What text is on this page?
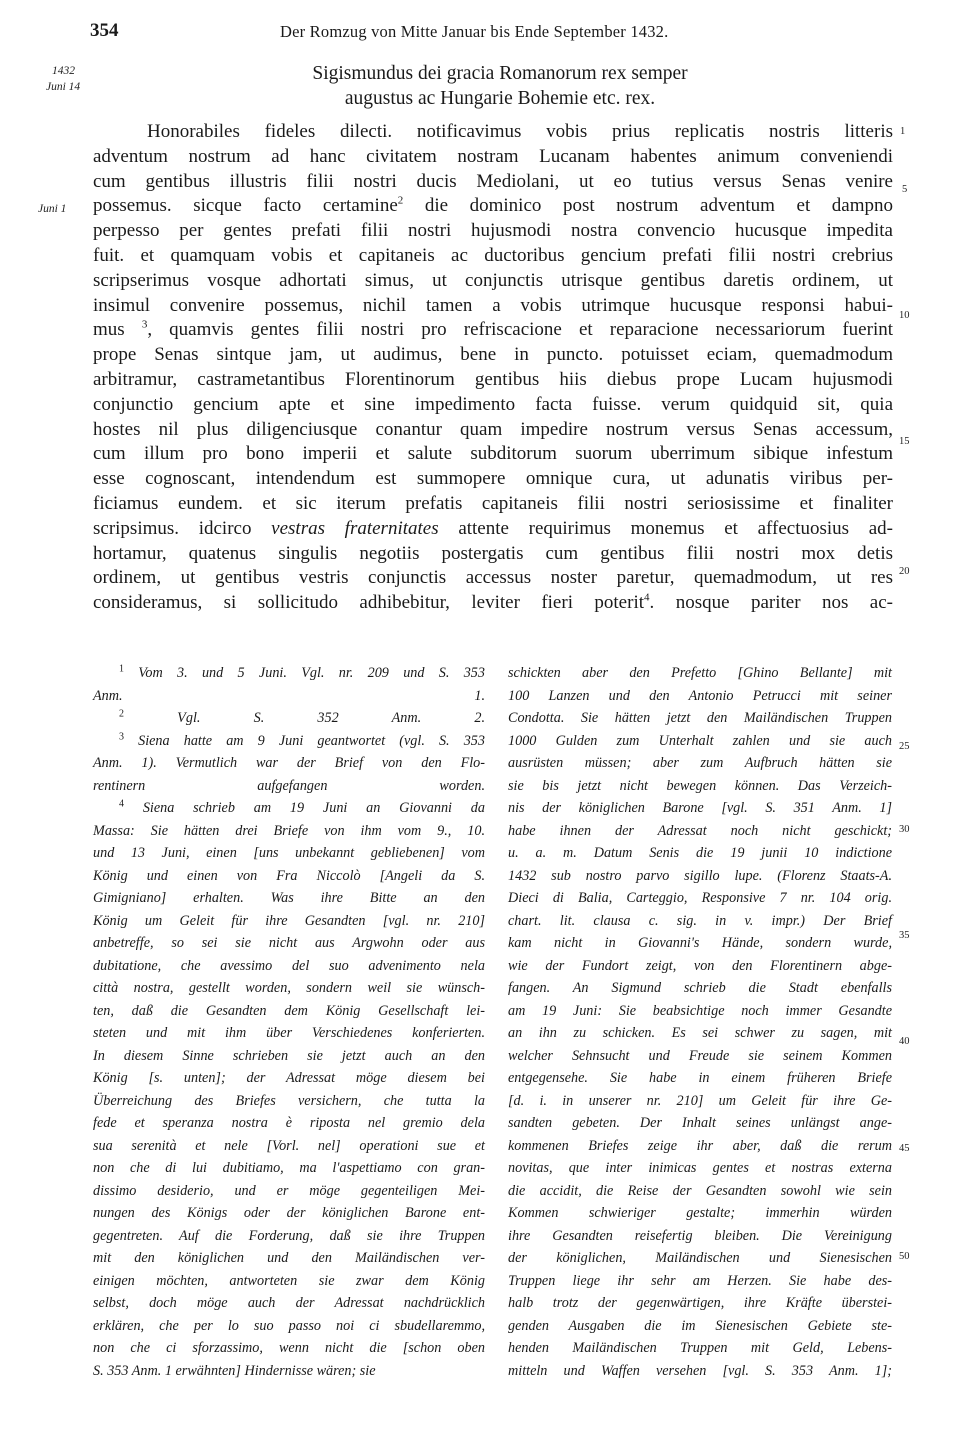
354	Der Romzug von Mitte Januar bis Ende September 1432.
1432
Juni 14
Juni 1
1
5
10
15
20
25
30
35
40
45
50
Sigismundus dei gracia Romanorum rex semper
augustus ac Hungarie Bohemie etc. rex.
Honorabiles fideles dilecti. notificavimus vobis prius replicatis nostris litteris
adventum nostrum ad hanc civitatem nostram Lucanam habentes animum conveniendi
cum gentibus illustris filii nostri ducis Mediolani, ut eo tutius versus Senas venire
possemus. sicque facto certamine$^2$ die dominico post nostrum adventum et dampno
perpesso per gentes prefati filii nostri hujusmodi nostra convencio hucusque impedita
fuit. et quamquam vobis et capitaneis ac ductoribus gencium prefati filii nostri crebrius
scripserimus vosque adhortati simus, ut conjunctis utrisque gentibus daretis ordinem, ut
insimul convenire possemus, nichil tamen a vobis utrimque hucusque responsi habui-
mus $^3$, quamvis gentes filii nostri pro refriscacione et reparacione necessariorum fuerint
prope Senas sintque jam, ut audimus, bene in puncto. potuisset eciam, quemadmodum
arbitramur, castrametantibus Florentinorum gentibus hiis diebus prope Lucam hujusmodi
conjunctio gencium apte et sine impedimento facta fuisse. verum quidquid sit, quia
hostes nil plus diligenciusque conantur quam impedire nostrum versus Senas accessum,
cum illum pro bono imperii et salute subditorum suorum uberrimum sibique infestum
esse cognoscant, intendendum est summopere omnique cura, ut adunatis viribus per-
ficiamus eundem. et sic iterum prefatis capitaneis filii nostri seriosissime et finaliter
scripsimus. idcirco vestras fraternitates attente requirimus monemus et affectuosius ad-
hortamur, quatenus singulis negotiis postergatis cum gentibus filii nostri mox detis
ordinem, ut gentibus vestris conjunctis accessus noster paretur, quemadmodum, ut res
consideramus, si sollicitudo adhibebitur, leviter fieri poterit$^4$. nosque pariter nos ac-
$^1$ Vom 3. und 5 Juni. Vgl. nr. 209 und S. 353
Anm. 1.
$^2$ Vgl. S. 352 Anm. 2.
$^3$ Siena hatte am 9 Juni geantwortet (vgl. S. 353
Anm. 1). Vermutlich war der Brief von den Flo-
rentinern aufgefangen worden.
$^4$ Siena schrieb am 19 Juni an Giovanni da
Massa: Sie hätten drei Briefe von ihm vom 9., 10.
und 13 Juni, einen [uns unbekannt gebliebenen] vom
König und einen von Fra Niccolò [Angeli da S.
Gimigniano] erhalten. Was ihre Bitte an den
König um Geleit für ihre Gesandten [vgl. nr. 210]
anbetreffe, so sei sie nicht aus Argwohn oder aus
dubitatione, che avessimo del suo advenimento nela
città nostra, gestellt worden, sondern weil sie wünsch-
ten, daß die Gesandten dem König Gesellschaft lei-
steten und mit ihm über Verschiedenes konferierten.
In diesem Sinne schrieben sie jetzt auch an den
König [s. unten]; der Adressat möge diesem bei
Überreichung des Briefes versichern, che tutta la
fede et speranza nostra è riposta nel gremio dela
sua serenità et nele [Vorl. nel] operationi sue et
non che di lui dubitiamo, ma l'aspettiamo con gran-
dissimo desiderio, und er möge gegenteiligen Mei-
nungen des Königs oder der königlichen Barone ent-
gegentreten. Auf die Forderung, daß sie ihre Truppen
mit den königlichen und den Mailändischen ver-
einigen möchten, antworteten sie zwar dem König
selbst, doch möge auch der Adressat nachdrücklich
erklären, che per lo suo passo noi ci sbudellaremmo,
non che ci sforzassimo, wenn nicht die [schon oben
S. 353 Anm. 1 erwähnten] Hindernisse wären; sie
schickten aber den Prefetto [Ghino Bellante] mit
100 Lanzen und den Antonio Petrucci mit seiner
Condotta. Sie hätten jetzt den Mailändischen Truppen
1000 Gulden zum Unterhalt zahlen und sie auch
ausrüsten müssen; aber zum Aufbruch hätten sie
sie bis jetzt nicht bewegen können. Das Verzeich-
nis der königlichen Barone [vgl. S. 351 Anm. 1]
habe ihnen der Adressat noch nicht geschickt;
u. a. m. Datum Senis die 19 junii 10 indictione
1432 sub nostro parvo sigillo lupe. (Florenz Staats-A.
Dieci di Balia, Carteggio, Responsive 7 nr. 104 orig.
chart. lit. clausa c. sig. in v. impr.) Der Brief
kam nicht in Giovanni's Hände, sondern wurde,
wie der Fundort zeigt, von den Florentinern abge-
fangen. An Sigmund schrieb die Stadt ebenfalls
am 19 Juni: Sie beabsichtige noch immer Gesandte
an ihn zu schicken. Es sei schwer zu sagen, mit
welcher Sehnsucht und Freude sie seinem Kommen
entgegensehe. Sie habe in einem früheren Briefe
[d. i. in unserer nr. 210] um Geleit für ihre Ge-
sandten gebeten. Der Inhalt seines unlängst ange-
kommenen Briefes zeige ihr aber, daß die rerum
novitas, que inter inimicas gentes et nostras externa
die accidit, die Reise der Gesandten sowohl wie sein
Kommen schwieriger gestalte; immerhin würden
ihre Gesandten reisefertig bleiben. Die Vereinigung
der königlichen, Mailändischen und Sienesischen
Truppen liege ihr sehr am Herzen. Sie habe des-
halb trotz der gegenwärtigen, ihre Kräfte überstei-
genden Ausgaben die im Sienesischen Gebiete ste-
henden Mailändischen Truppen mit Geld, Lebens-
mitteln und Waffen versehen [vgl. S. 353 Anm. 1];
